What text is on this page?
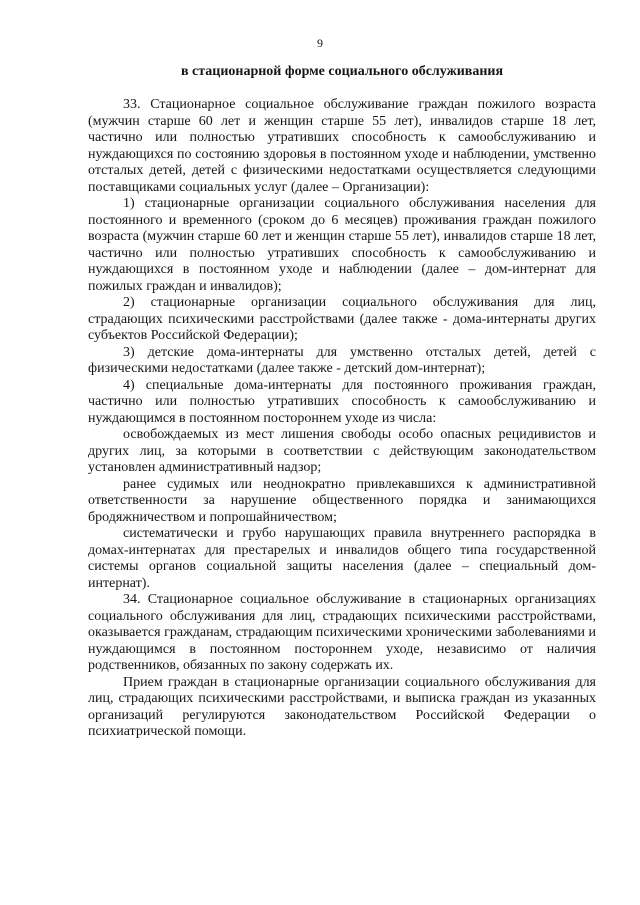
9
в стационарной форме социального обслуживания

33. Стационарное социальное обслуживание граждан пожилого возраста (мужчин старше 60 лет и женщин старше 55 лет), инвалидов старше 18 лет, частично или полностью утративших способность к самообслуживанию и нуждающихся по состоянию здоровья в постоянном уходе и наблюдении, умственно отсталых детей, детей с физическими недостатками осуществляется следующими поставщиками социальных услуг (далее – Организации):

1) стационарные организации социального обслуживания населения для постоянного и временного (сроком до 6 месяцев) проживания граждан пожилого возраста (мужчин старше 60 лет и женщин старше 55 лет), инвалидов старше 18 лет, частично или полностью утративших способность к самообслуживанию и нуждающихся в постоянном уходе и наблюдении (далее – дом-интернат для пожилых граждан и инвалидов);

2) стационарные организации социального обслуживания для лиц, страдающих психическими расстройствами (далее также - дома-интернаты других субъектов Российской Федерации);

3) детские дома-интернаты для умственно отсталых детей, детей с физическими недостатками (далее также - детский дом-интернат);

4) специальные дома-интернаты для постоянного проживания граждан, частично или полностью утративших способность к самообслуживанию и нуждающимся в постоянном постороннем уходе из числа:

освобождаемых из мест лишения свободы особо опасных рецидивистов и других лиц, за которыми в соответствии с действующим законодательством установлен административный надзор;

ранее судимых или неоднократно привлекавшихся к административной ответственности за нарушение общественного порядка и занимающихся бродяжничеством и попрошайничеством;

систематически и грубо нарушающих правила внутреннего распорядка в домах-интернатах для престарелых и инвалидов общего типа государственной системы органов социальной защиты населения (далее – специальный дом-интернат).

34. Стационарное социальное обслуживание в стационарных организациях социального обслуживания для лиц, страдающих психическими расстройствами, оказывается гражданам, страдающим психическими хроническими заболеваниями и нуждающимся в постоянном постороннем уходе, независимо от наличия родственников, обязанных по закону содержать их.

Прием граждан в стационарные организации социального обслуживания для лиц, страдающих психическими расстройствами, и выписка граждан из указанных организаций регулируются законодательством Российской Федерации о психиатрической помощи.
